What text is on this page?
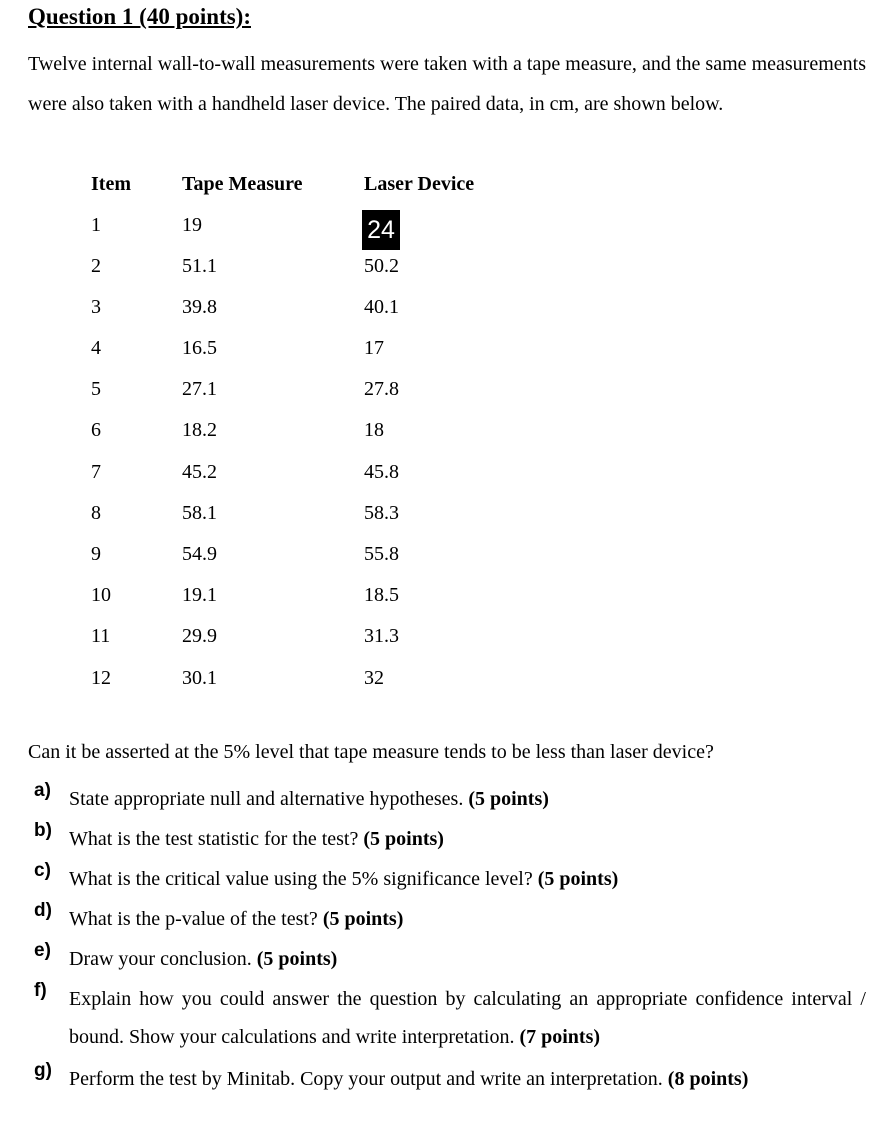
Question 1 (40 points):
Twelve internal wall-to-wall measurements were taken with a tape measure, and the same measurements were also taken with a handheld laser device. The paired data, in cm, are shown below.
Item	Tape Measure	Laser Device
1	19	24
2	51.1	50.2
3	39.8	40.1
4	16.5	17
5	27.1	27.8
6	18.2	18
7	45.2	45.8
8	58.1	58.3
9	54.9	55.8
10	19.1	18.5
11	29.9	31.3
12	30.1	32
Can it be asserted at the 5% level that tape measure tends to be less than laser device?
a) State appropriate null and alternative hypotheses. (5 points)
b) What is the test statistic for the test? (5 points)
c) What is the critical value using the 5% significance level? (5 points)
d) What is the p-value of the test? (5 points)
e) Draw your conclusion. (5 points)
f) Explain how you could answer the question by calculating an appropriate confidence interval / bound. Show your calculations and write interpretation. (7 points)
g) Perform the test by Minitab. Copy your output and write an interpretation. (8 points)
